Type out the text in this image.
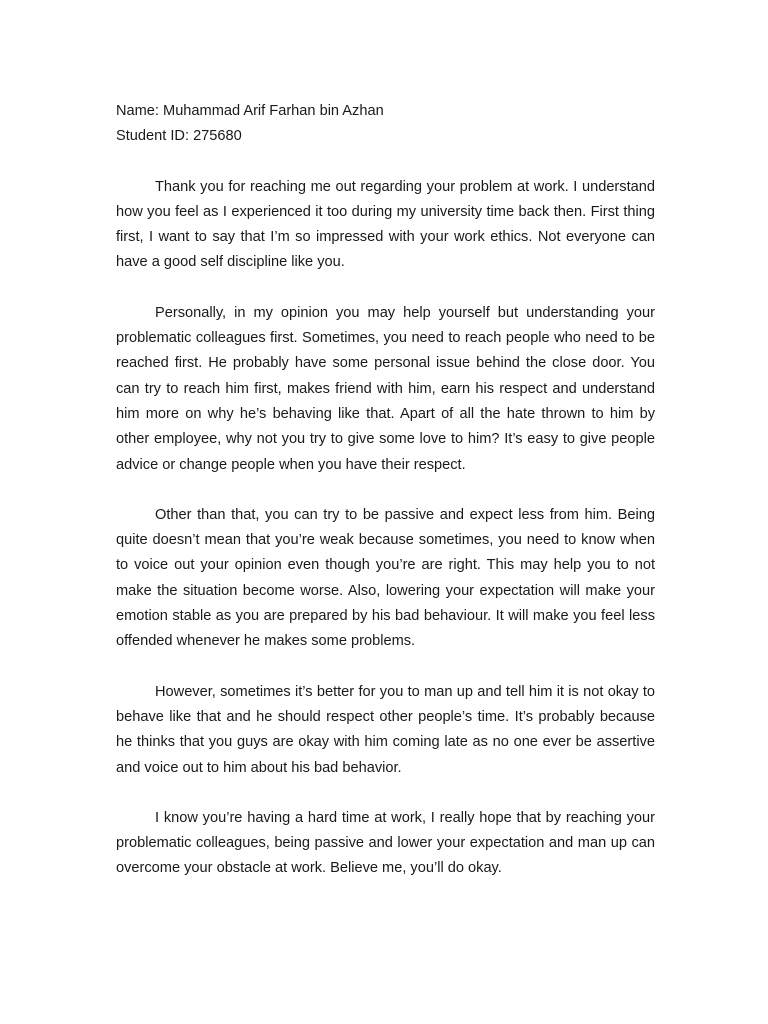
Name: Muhammad Arif Farhan bin Azhan

Student ID: 275680

Thank you for reaching me out regarding your problem at work. I understand how you feel as I experienced it too during my university time back then. First thing first, I want to say that I’m so impressed with your work ethics. Not everyone can have a good self discipline like you.

Personally, in my opinion you may help yourself but understanding your problematic colleagues first. Sometimes, you need to reach people who need to be reached first. He probably have some personal issue behind the close door. You can try to reach him first, makes friend with him, earn his respect and understand him more on why he’s behaving like that. Apart of all the hate thrown to him by other employee, why not you try to give some love to him? It’s easy to give people advice or change people when you have their respect.

Other than that, you can try to be passive and expect less from him. Being quite doesn’t mean that you’re weak because sometimes, you need to know when to voice out your opinion even though you’re are right. This may help you to not make the situation become worse. Also, lowering your expectation will make your emotion stable as you are prepared by his bad behaviour. It will make you feel less offended whenever he makes some problems.

However, sometimes it’s better for you to man up and tell him it is not okay to behave like that and he should respect other people’s time. It’s probably because he thinks that you guys are okay with him coming late as no one ever be assertive and voice out to him about his bad behavior.

I know you’re having a hard time at work, I really hope that by reaching your problematic colleagues, being passive and lower your expectation and man up can overcome your obstacle at work. Believe me, you’ll do okay.
